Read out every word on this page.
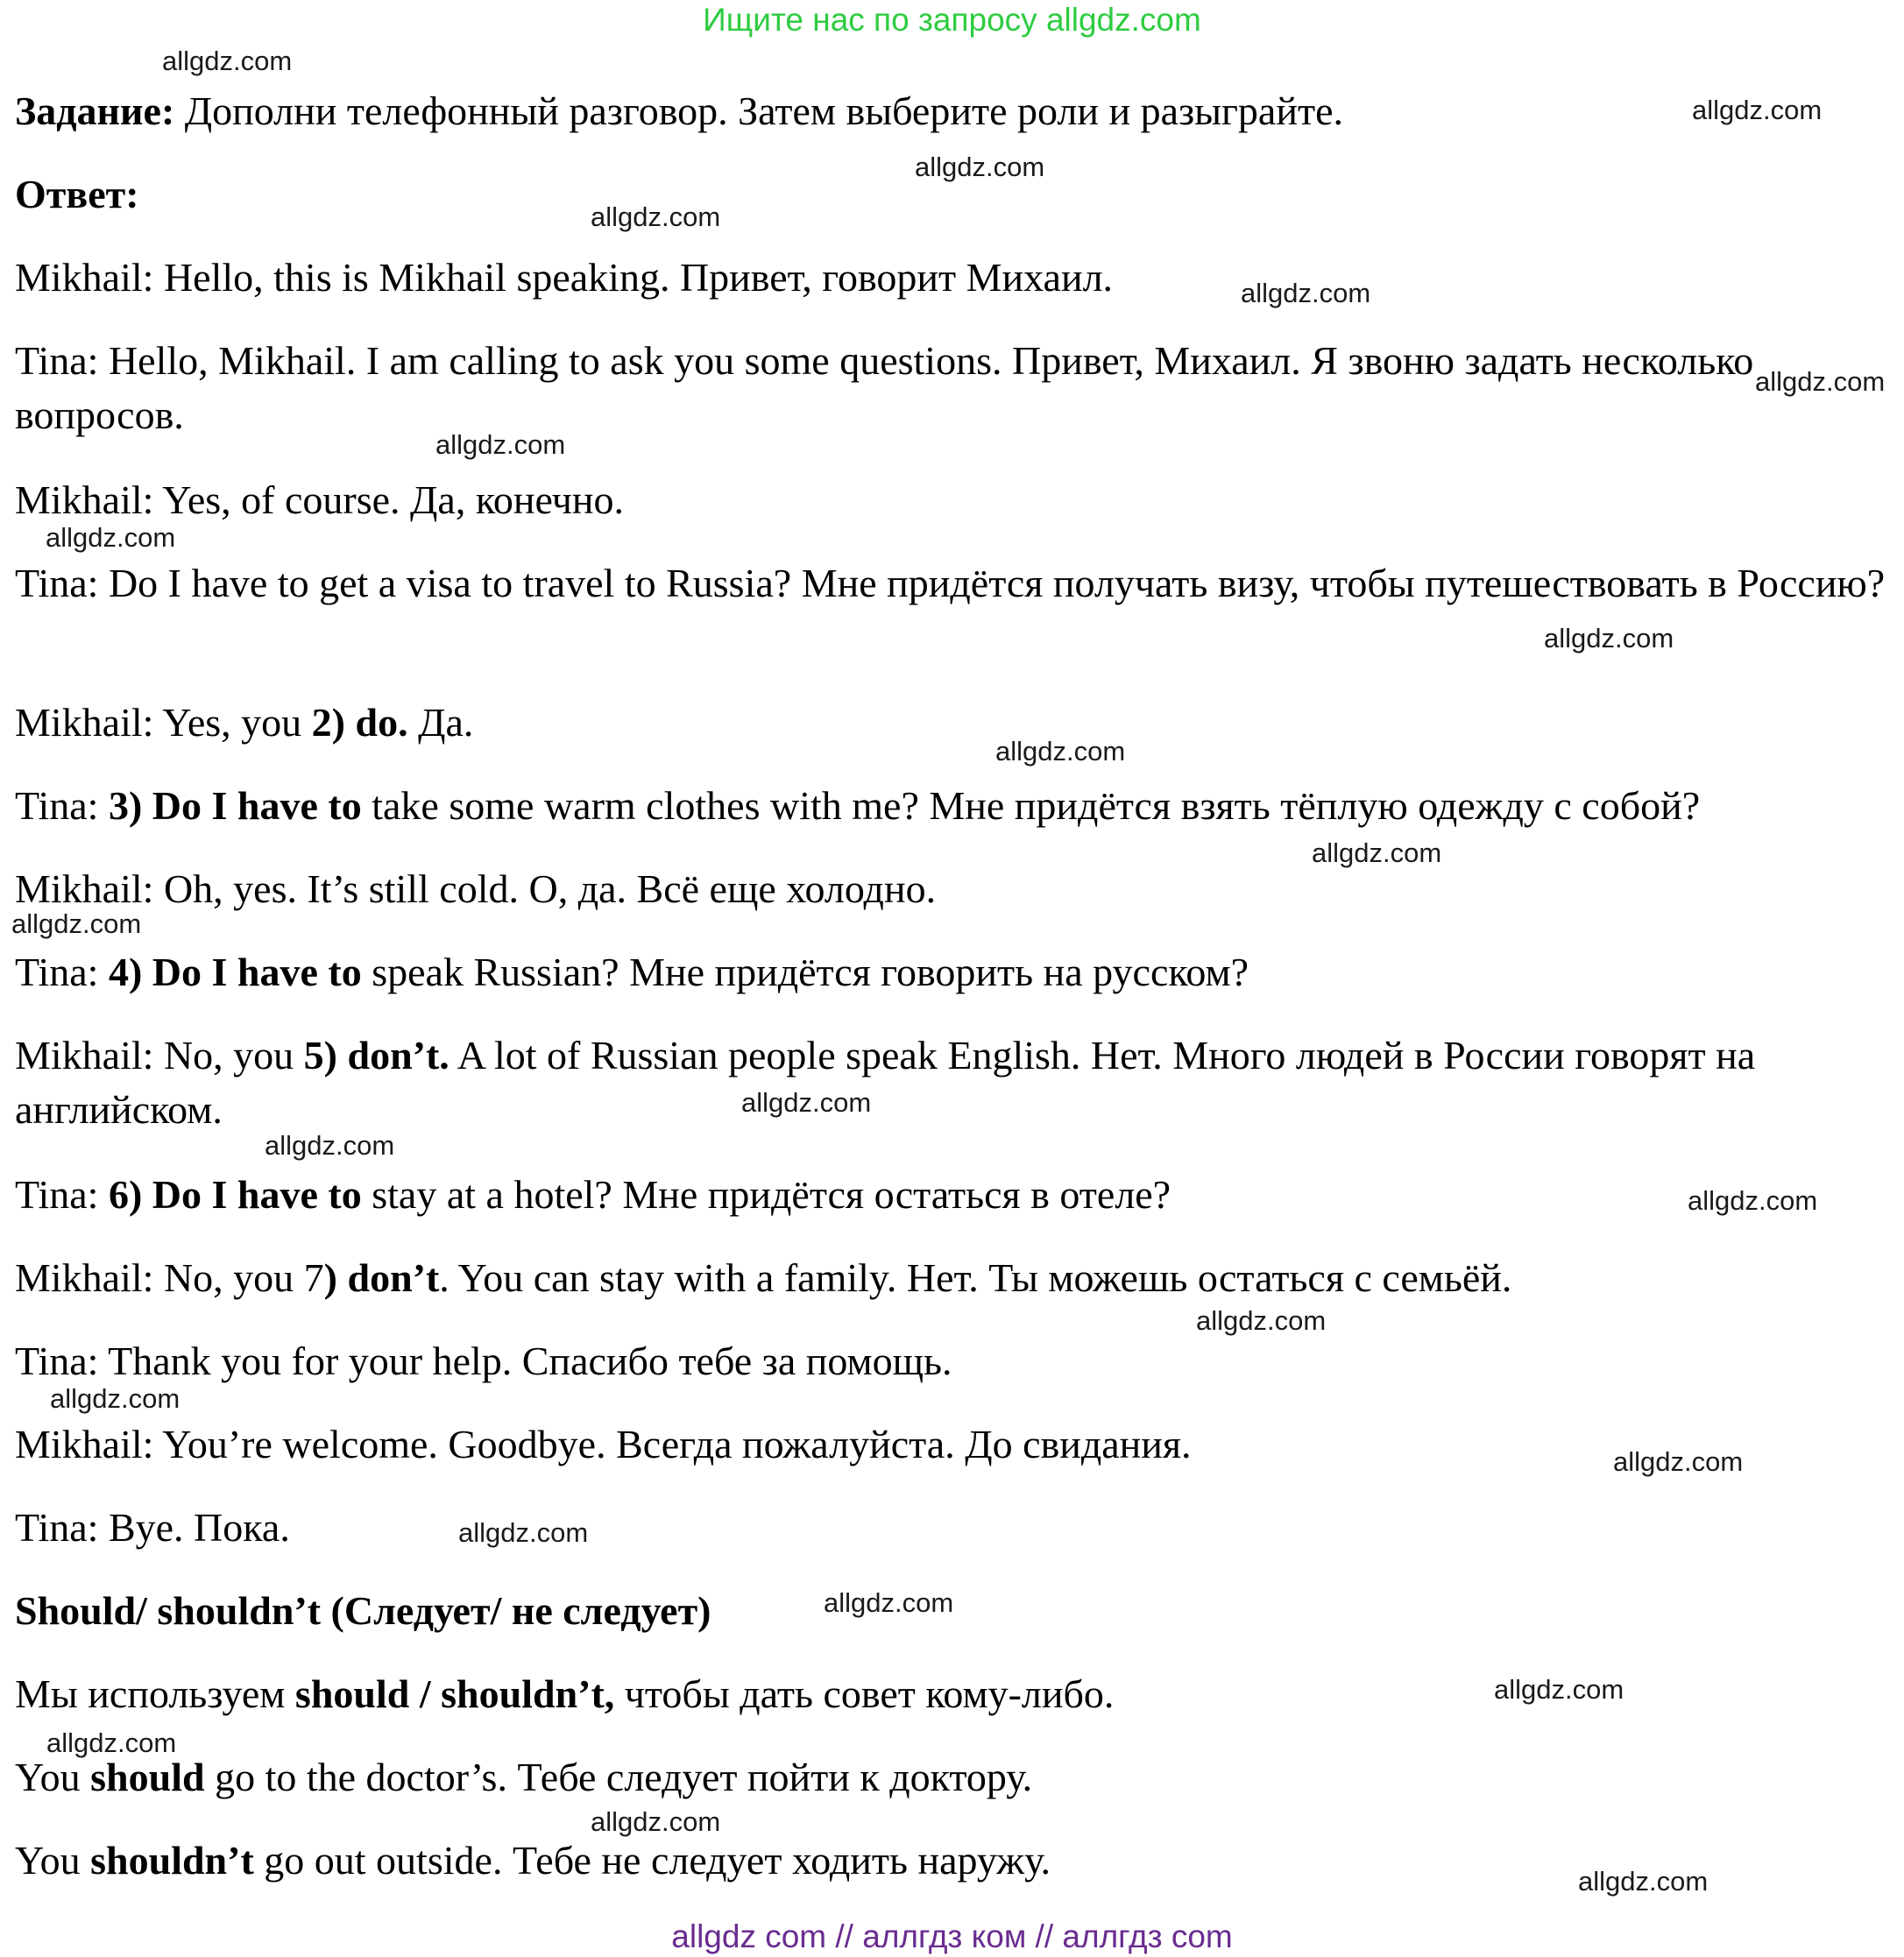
Ищите нас по запросу allgdz.com
Задание: Дополни телефонный разговор. Затем выберите роли и разыграйте.
Ответ:
Mikhail: Hello, this is Mikhail speaking. Привет, говорит Михаил.
Tina: Hello, Mikhail. I am calling to ask you some questions. Привет, Михаил. Я звоню задать несколько вопросов.
Mikhail: Yes, of course. Да, конечно.
Tina: Do I have to get a visa to travel to Russia? Мне придётся получать визу, чтобы путешествовать в Россию?
Mikhail: Yes, you 2) do. Да.
Tina: 3) Do I have to take some warm clothes with me? Мне придётся взять тёплую одежду с собой?
Mikhail: Oh, yes. It’s still cold. О, да. Всё еще холодно.
Tina: 4) Do I have to speak Russian? Мне придётся говорить на русском?
Mikhail: No, you 5) don’t. A lot of Russian people speak English. Нет. Много людей в России говорят на английском.
Tina: 6) Do I have to stay at a hotel? Мне придётся остаться в отеле?
Mikhail: No, you 7) don’t. You can stay with a family. Нет. Ты можешь остаться с семьёй.
Tina: Thank you for your help. Спасибо тебе за помощь.
Mikhail: You’re welcome. Goodbye. Всегда пожалуйста. До свидания.
Tina: Bye. Пока.
Should/ shouldn’t (Следует/ не следует)
Мы используем should / shouldn’t, чтобы дать совет кому-либо.
You should go to the doctor’s. Тебе следует пойти к доктору.
You shouldn’t go out outside. Тебе не следует ходить наружу.
allgdz.com
allgdz.com
allgdz.com
allgdz.com
allgdz.com
allgdz.com
allgdz.com
allgdz.com
allgdz.com
allgdz.com
allgdz.com
allgdz.com
allgdz.com
allgdz.com
allgdz.com
allgdz.com
allgdz.com
allgdz.com
allgdz.com
allgdz.com
allgdz.com
allgdz.com
allgdz.com
allgdz.com
allgdz com // аллгдз ком // аллгдз com
